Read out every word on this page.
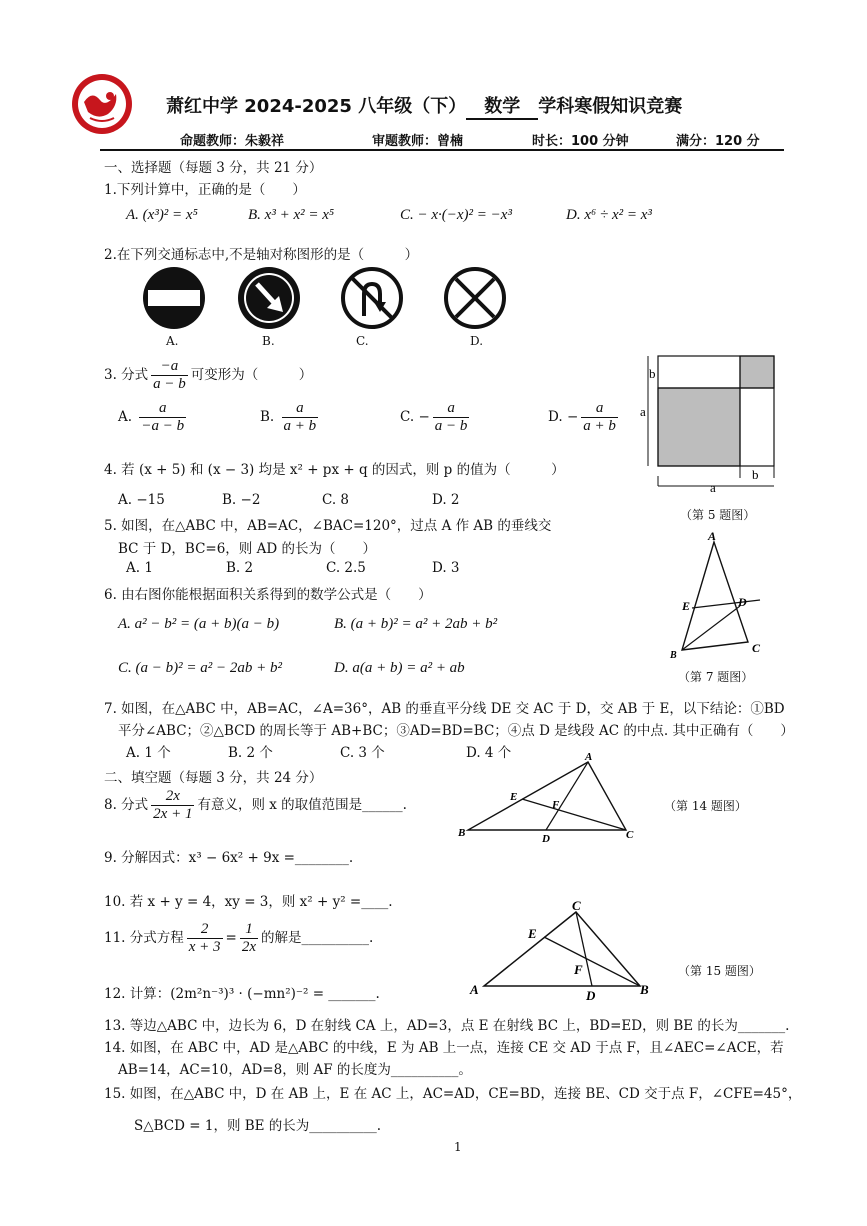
萧红中学 2024-2025 八年级（下） 数学 学科寒假知识竞赛
命题教师：朱毅祥	审题教师：曾楠	时长：100 分钟	满分：120 分
一、选择题（每题 3 分，共 21 分）
1.下列计算中，正确的是（　　）
A. (x³)² = x⁵	B. x³ + x² = x⁵	C. − x·(−x)² = −x³	D. x⁶ ÷ x² = x³
2.在下列交通标志中,不是轴对称图形的是（　　　）
A.	B.	C.	D.
3. 分式 $\frac{-a}{a - b}$ 可变形为（　　　）
A. $\frac{a}{-a - b}$	B. $\frac{a}{a + b}$	C. − $\frac{a}{a - b}$	D. − $\frac{a}{a + b}$
4. 若 (x + 5) 和 (x − 3) 均是 x² + px + q 的因式，则 p 的值为（　　　）
A. −15	B. −2	C. 8	D. 2
5. 如图，在△ABC 中，AB=AC，∠BAC=120°，过点 A 作 AB 的垂线交
BC 于 D，BC=6，则 AD 的长为（　　）
A. 1	B. 2	C. 2.5	D. 3
6. 由右图你能根据面积关系得到的数学公式是（　　）
A. a² − b² = (a + b)(a − b)	B. (a + b)² = a² + 2ab + b²
C. (a − b)² = a² − 2ab + b²	D. a(a + b) = a² + ab
7. 如图，在△ABC 中，AB=AC，∠A=36°，AB 的垂直平分线 DE 交 AC 于 D，交 AB 于 E，以下结论：①BD
平分∠ABC；②△BCD 的周长等于 AB+BC；③AD=BD=BC；④点 D 是线段 AC 的中点. 其中正确有（　　）
A. 1 个	B. 2 个	C. 3 个	D. 4 个
二、填空题（每题 3 分，共 24 分）
8. 分式 $\frac{2x}{2x + 1}$ 有意义，则 x 的取值范围是______.
9. 分解因式：x³ − 6x² + 9x =________.
10. 若 x + y = 4，xy = 3，则 x² + y² =____.
11. 分式方程 $\frac{2}{x + 3} = \frac{1}{2x}$ 的解是__________.
12. 计算：(2m²n⁻³)³ · (−mn²)⁻² = _______.
13. 等边△ABC 中，边长为 6，D 在射线 CA 上，AD=3，点 E 在射线 BC 上，BD=ED，则 BE 的长为_______.
14. 如图，在 ABC 中，AD 是△ABC 的中线，E 为 AB 上一点，连接 CE 交 AD 于点 F，且∠AEC=∠ACE，若
AB=14，AC=10，AD=8，则 AF 的长度为__________。
15. 如图，在△ABC 中，D 在 AB 上，E 在 AC 上，AC=AD，CE=BD，连接 BE、CD 交于点 F，∠CFE=45°，
S△BCD = 1，则 BE 的长为__________.
b
a
b
a
（第 5 题图）
A
E	D
B
C
（第 7 题图）
A
E
F
B	D	C
（第 14 题图）
C
E
F
A	D	B
（第 15 题图）
1
